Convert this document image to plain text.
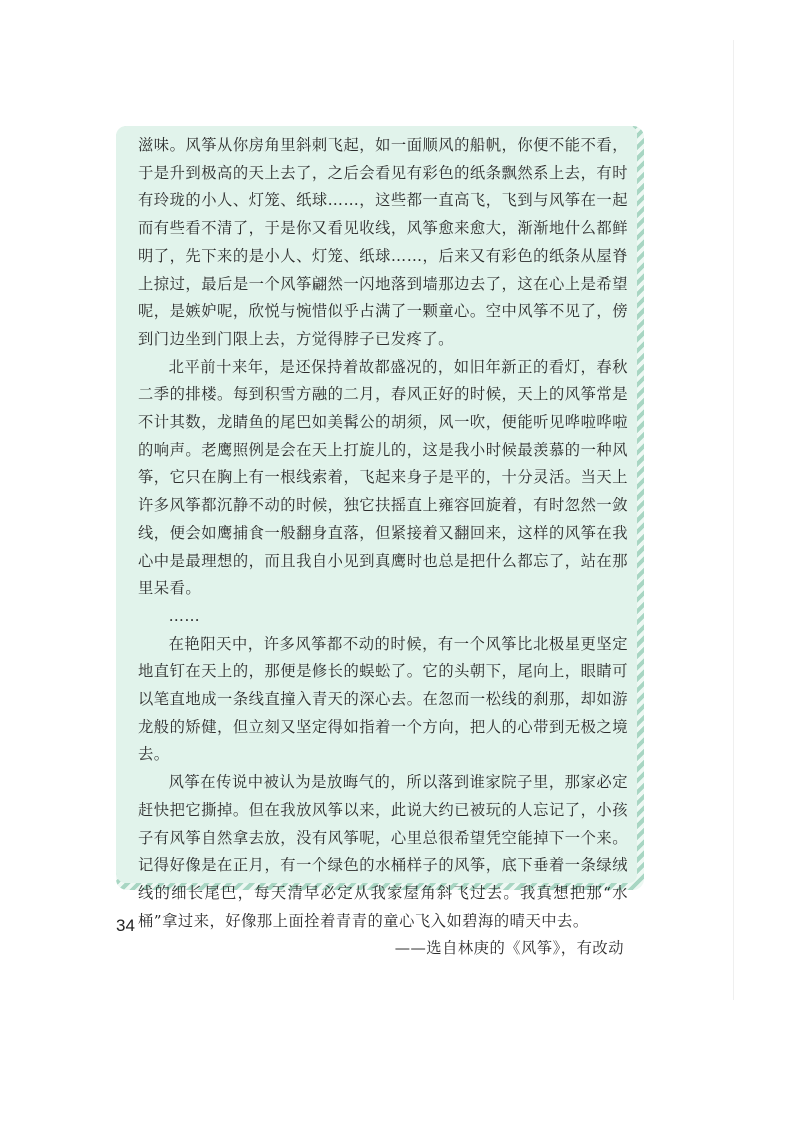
滋味。风筝从你房角里斜刺飞起，如一面顺风的船帆，你便不能不看，于是升到极高的天上去了，之后会看见有彩色的纸条飘然系上去，有时有玲珑的小人、灯笼、纸球……，这些都一直高飞，飞到与风筝在一起而有些看不清了，于是你又看见收线，风筝愈来愈大，渐渐地什么都鲜明了，先下来的是小人、灯笼、纸球……，后来又有彩色的纸条从屋脊上掠过，最后是一个风筝翩然一闪地落到墙那边去了，这在心上是希望呢，是嫉妒呢，欣悦与惋惜似乎占满了一颗童心。空中风筝不见了，傍到门边坐到门限上去，方觉得脖子已发疼了。

北平前十来年，是还保持着故都盛况的，如旧年新正的看灯，春秋二季的排楼。每到积雪方融的二月，春风正好的时候，天上的风筝常是不计其数，龙睛鱼的尾巴如美髯公的胡须，风一吹，便能听见哗啦哗啦的响声。老鹰照例是会在天上打旋儿的，这是我小时候最羡慕的一种风筝，它只在胸上有一根线索着，飞起来身子是平的，十分灵活。当天上许多风筝都沉静不动的时候，独它扶摇直上雍容回旋着，有时忽然一敛线，便会如鹰捕食一般翻身直落，但紧接着又翻回来，这样的风筝在我心中是最理想的，而且我自小见到真鹰时也总是把什么都忘了，站在那里呆看。

……

在艳阳天中，许多风筝都不动的时候，有一个风筝比北极星更坚定地直钉在天上的，那便是修长的蜈蚣了。它的头朝下，尾向上，眼睛可以笔直地成一条线直撞入青天的深心去。在忽而一松线的刹那，却如游龙般的矫健，但立刻又坚定得如指着一个方向，把人的心带到无极之境去。

风筝在传说中被认为是放晦气的，所以落到谁家院子里，那家必定赶快把它撕掉。但在我放风筝以来，此说大约已被玩的人忘记了，小孩子有风筝自然拿去放，没有风筝呢，心里总很希望凭空能掉下一个来。记得好像是在正月，有一个绿色的水桶样子的风筝，底下垂着一条绿绒线的细长尾巴，每天清早必定从我家屋角斜飞过去。我真想把那“水桶”拿过来，好像那上面拴着青青的童心飞入如碧海的晴天中去。

——选自林庚的《风筝》，有改动

34
